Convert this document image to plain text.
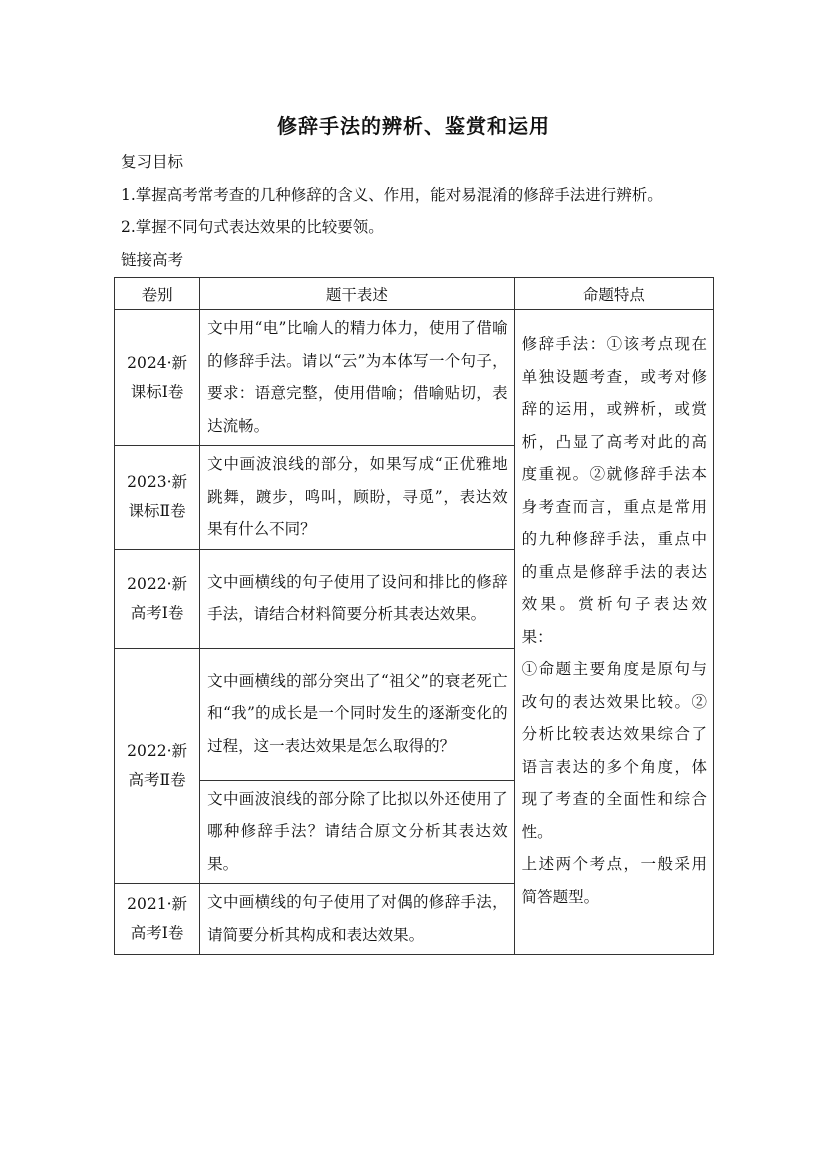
修辞手法的辨析、鉴赏和运用
复习目标
1.掌握高考常考查的几种修辞的含义、作用，能对易混淆的修辞手法进行辨析。
2.掌握不同句式表达效果的比较要领。
链接高考
卷别	题干表述	命题特点

2024·新
课标Ⅰ卷	文中用“电”比喻人的精力体力，使用了借喻的修辞手法。请以“云”为本体写一个句子，要求：语意完整，使用借喻；借喻贴切，表达流畅。	修辞手法：①该考点现在单独设题考查，或考对修辞的运用，或辨析，或赏析，凸显了高考对此的高度重视。②就修辞手法本身考查而言，重点是常用的九种修辞手法，重点中的重点是修辞手法的表达效果。赏析句子表达效果：
①命题主要角度是原句与改句的表达效果比较。②分析比较表达效果综合了语言表达的多个角度，体现了考查的全面性和综合性。
上述两个考点，一般采用简答题型。

2023·新
课标Ⅱ卷	文中画波浪线的部分，如果写成“正优雅地跳舞，踱步，鸣叫，顾盼，寻觅”，表达效果有什么不同？	

2022·新
高考Ⅰ卷	文中画横线的句子使用了设问和排比的修辞手法，请结合材料简要分析其表达效果。	

2022·新
高考Ⅱ卷	文中画横线的部分突出了“祖父”的衰老死亡和“我”的成长是一个同时发生的逐渐变化的过程，这一表达效果是怎么取得的？	
	文中画波浪线的部分除了比拟以外还使用了哪种修辞手法？请结合原文分析其表达效果。	

2021·新
高考Ⅰ卷	文中画横线的句子使用了对偶的修辞手法，请简要分析其构成和表达效果。	
